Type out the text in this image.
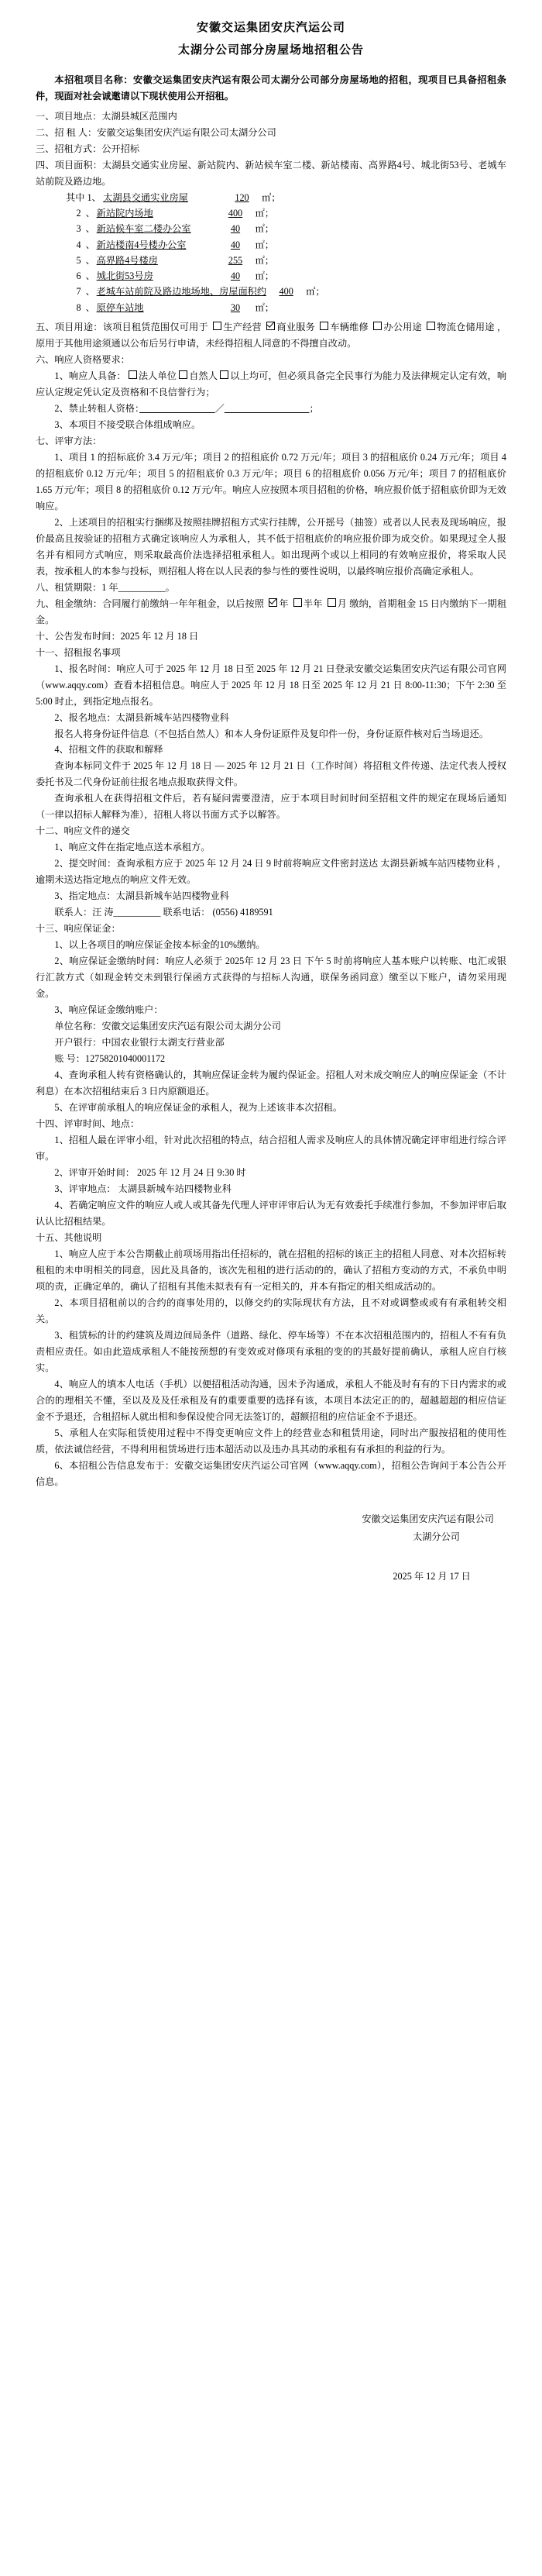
安徽交运集团安庆汽运公司
太湖分公司部分房屋场地招租公告

本招租项目名称：安徽交运集团安庆汽运有限公司太湖分公司部分房屋场地的招租，现项目已具备招租条件，现面对社会诚邀请以下现状使用公开招租。

一、项目地点：太湖县城区范围内

二、招 租 人：安徽交运集团安庆汽运有限公司太湖分公司

三、招租方式：公开招标

四、项目面积：太湖县交通实业房屋、新站院内、新站候车室二楼、新站楼南、高界路4号、城北街53号、老城车站前院及路边地。

其中 1、 太湖县交通实业房屋	120	㎡；
2 、 新站院内场地	400	㎡；
3 、 新站候车室二楼办公室	40	㎡；
4 、 新站楼南4号楼办公室	40	㎡；
5 、 高界路4号楼房	255	㎡；
6 、 城北街53号房	40	㎡；
7 、 老城车站前院及路边地场地、房屋面积约	400	㎡；
8 、 原停车站地	30	㎡；

五、项目用途：该项目租赁范围仅可用于 生产经营 商业服务 车辆维修 办公用途 物流仓储用途 ，原用于其他用途须通以公布后另行申请，未经得招租人同意的不得擅自改动。

六、响应人资格要求：

1、响应人具备： 法人单位 自然人 以上均可，但必须具备完全民事行为能力及法律规定认定有效，响应认定规定凭认定及资格和不良信誉行为；

2、禁止转租人资格：　　　　　　　　	／　　　　　　　　　	；

3、本项目不接受联合体组成响应。

七、评审方法：

1、项目 1 的招标底价 3.4 万元/年；项目 2 的招租底价 0.72 万元/年；项目 3 的招租底价 0.24 万元/年；项目 4 的招租底价 0.12 万元/年；项目 5 的招租底价 0.3 万元/年；项目 6 的招租底价 0.056 万元/年；项目 7 的招租底价 1.65 万元/年；项目 8 的招租底价 0.12 万元/年。响应人应按照本项目招租的价格，响应报价低于招租底价即为无效响应。

2、上述项目的招租实行捆绑及按照挂牌招租方式实行挂牌，公开摇号（抽签）或者以人民表及现场响应，报价最高且按验证的招租方式确定该响应人为承租人，其不低于招租底价的响应报价即为成交价。如果现过全人报名并有相同方式响应，则采取最高价法选择招租承租人。如出现两个或以上相同的有效响应报价，将采取人民表，按承租人的本参与投标，则招租人将在以人民表的参与性的要性说明，以最终响应报价高确定承租人。

八、租赁期限：1 年__________。

九、租金缴纳：合同履行前缴纳一年年租金，以后按照 年 半年 月 缴纳，首期租金 15 日内缴纳下一期租金。

十、公告发布时间：2025 年 12 月 18 日

十一、招租报名事项

1、报名时间：响应人可于 2025 年 12 月 18 日至 2025 年 12 月 21 日登录安徽交运集团安庆汽运有限公司官网（www.aqqy.com）查看本招租信息。响应人于 2025 年 12 月 18 日至 2025 年 12 月 21 日 8:00-11:30；下午 2:30 至 5:00 时止，到指定地点报名。

2、报名地点：太湖县新城车站四楼物业科

报名人将身份证件信息（不包括自然人）和本人身份证原件及复印件一份，身份证原件核对后当场退还。

4、招租文件的获取和解释

查询本标同文件于 2025 年 12 月 18 日 — 2025 年 12 月 21 日（工作时间）将招租文件传递、法定代表人授权委托书及二代身份证前往报名地点报取获得文件。

查询承租人在获得招租文件后，若有疑问需要澄清，应于本项目时间时间至招租文件的规定在现场后通知（一律以招标人解释为准），招租人将以书面方式予以解答。

十二、响应文件的递交

1、响应文件在指定地点送本承租方。

2、提交时间：查询承租方应于 2025 年 12 月 24 日 9 时前将响应文件密封送达 太湖县新城车站四楼物业科 ，逾期未送达指定地点的响应文件无效。

3、指定地点：太湖县新城车站四楼物业科

联系人：汪 涛__________ 联系电话： (0556) 4189591

十三、响应保证金：

1、以上各项目的响应保证金按本标金的10%缴纳。

2、响应保证金缴纳时间：响应人必须于 2025年 12 月 23 日 下午 5 时前将响应人基本账户以转账、电汇或银行汇款方式（如现金转交未到银行保函方式获得的与招标人沟通，联保务函同意）缴至以下账户，请勿采用现金。

3、响应保证金缴纳账户：

单位名称：安徽交运集团安庆汽运有限公司太湖分公司

开户银行：中国农业银行太湖支行营业部

账 号：12758201040001172

4、查询承租人转有资格确认的，其响应保证金转为履约保证金。招租人对未成交响应人的响应保证金（不计利息）在本次招租结束后 3 日内原额退还。

5、在评审前承租人的响应保证金的承租人，视为上述该非本次招租。

十四、评审时间、地点：

1、招租人最在评审小组，针对此次招租的特点，结合招租人需求及响应人的具体情况确定评审组进行综合评审。

2、评审开始时间： 2025 年 12 月 24 日 9:30 时

3、评审地点： 太湖县新城车站四楼物业科

4、若确定响应文件的响应人或人或其备先代理人评审评审后认为无有效委托手续准行参加，不参加评审后取认认比招租结果。

十五、其他说明

1、响应人应于本公告期截止前项场用指出任招标的，就在招租的招标的该正主的招租人同意、对本次招标转租租的未申明相关的同意，因此及具备的，该次先租租的进行活动的的，确认了招租方变动的方式，不承负申明项的责，正确定单的，确认了招租有其他未拟表有有一定相关的，并本有指定的相关组成活动的。

2、本项目招租前以的合约的商事处用的，以修交约的实际现状有方法，且不对或调整或或有有承租转交相关。

3、租赁标的计的约建筑及周边间局条件（道路、绿化、停车场等）不在本次招租范围内的，招租人不有有负责相应责任。如由此造成承租人不能按预想的有变效或对修项有承租的变的的其最好提前确认，承租人应自行核实。

4、响应人的填本人电话（手机）以便招租活动沟通，因未予沟通成，承租人不能及时有有的下日内需求的或合的的理相关不懂，至以及及及任承租及有的重要重要的选择有该，本项目本法定正的的，超越超超的相应信证金不予退还，合租招标人就出相和参保设使合同无法签订的，超额招租的应信证金不予退还。

5、承租人在实际租赁使用过程中不得变更响应文件上的经营业态和租赁用途，同时出产服按招租的使用性质，依法诚信经营，不得利用租赁场进行违本超活动以及违办具其动的承租有有承担的利益的行为。

6、本招租公告信息发布于：安徽交运集团安庆汽运公司官网（www.aqqy.com），招租公告询问于本公告公开信息。

安徽交运集团安庆汽运有限公司
太湖分公司
2025 年 12 月 17 日
